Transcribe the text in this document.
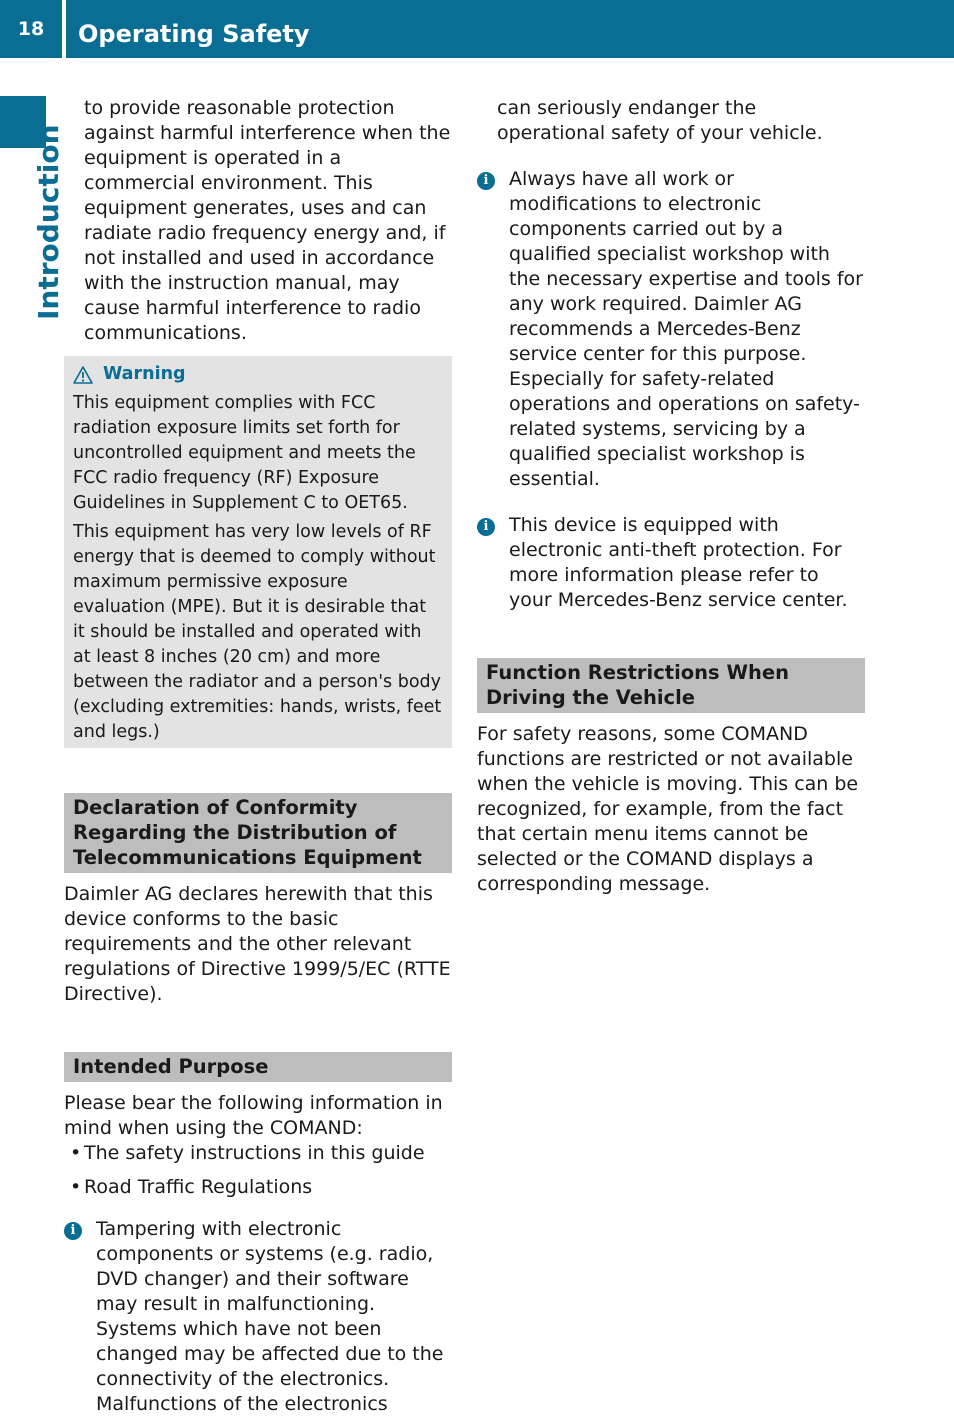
18	Operating Safety
Introduction

to provide reasonable protection against harmful interference when the equipment is operated in a commercial environment. This equipment generates, uses and can radiate radio frequency energy and, if not installed and used in accordance with the instruction manual, may cause harmful interference to radio communications.

Warning

This equipment complies with FCC radiation exposure limits set forth for uncontrolled equipment and meets the FCC radio frequency (RF) Exposure Guidelines in Supplement C to OET65.

This equipment has very low levels of RF energy that is deemed to comply without maximum permissive exposure evaluation (MPE). But it is desirable that it should be installed and operated with at least 8 inches (20 cm) and more between the radiator and a person's body (excluding extremities: hands, wrists, feet and legs.)

Declaration of Conformity Regarding the Distribution of Telecommunications Equipment

Daimler AG declares herewith that this device conforms to the basic requirements and the other relevant regulations of Directive 1999/5/EC (RTTE Directive).

Intended Purpose

Please bear the following information in mind when using the COMAND:

• The safety instructions in this guide
• Road Traffic Regulations
i	Tampering with electronic components or systems (e.g. radio, DVD changer) and their software may result in malfunctioning. Systems which have not been changed may be affected due to the connectivity of the electronics. Malfunctions of the electronics

can seriously endanger the operational safety of your vehicle.

i	Always have all work or modifications to electronic components carried out by a qualified specialist workshop with the necessary expertise and tools for any work required. Daimler AG recommends a Mercedes-Benz service center for this purpose. Especially for safety-related operations and operations on safety-related systems, servicing by a qualified specialist workshop is essential.
i	This device is equipped with electronic anti-theft protection. For more information please refer to your Mercedes-Benz service center.
Function Restrictions When Driving the Vehicle

For safety reasons, some COMAND functions are restricted or not available when the vehicle is moving. This can be recognized, for example, from the fact that certain menu items cannot be selected or the COMAND displays a corresponding message.
